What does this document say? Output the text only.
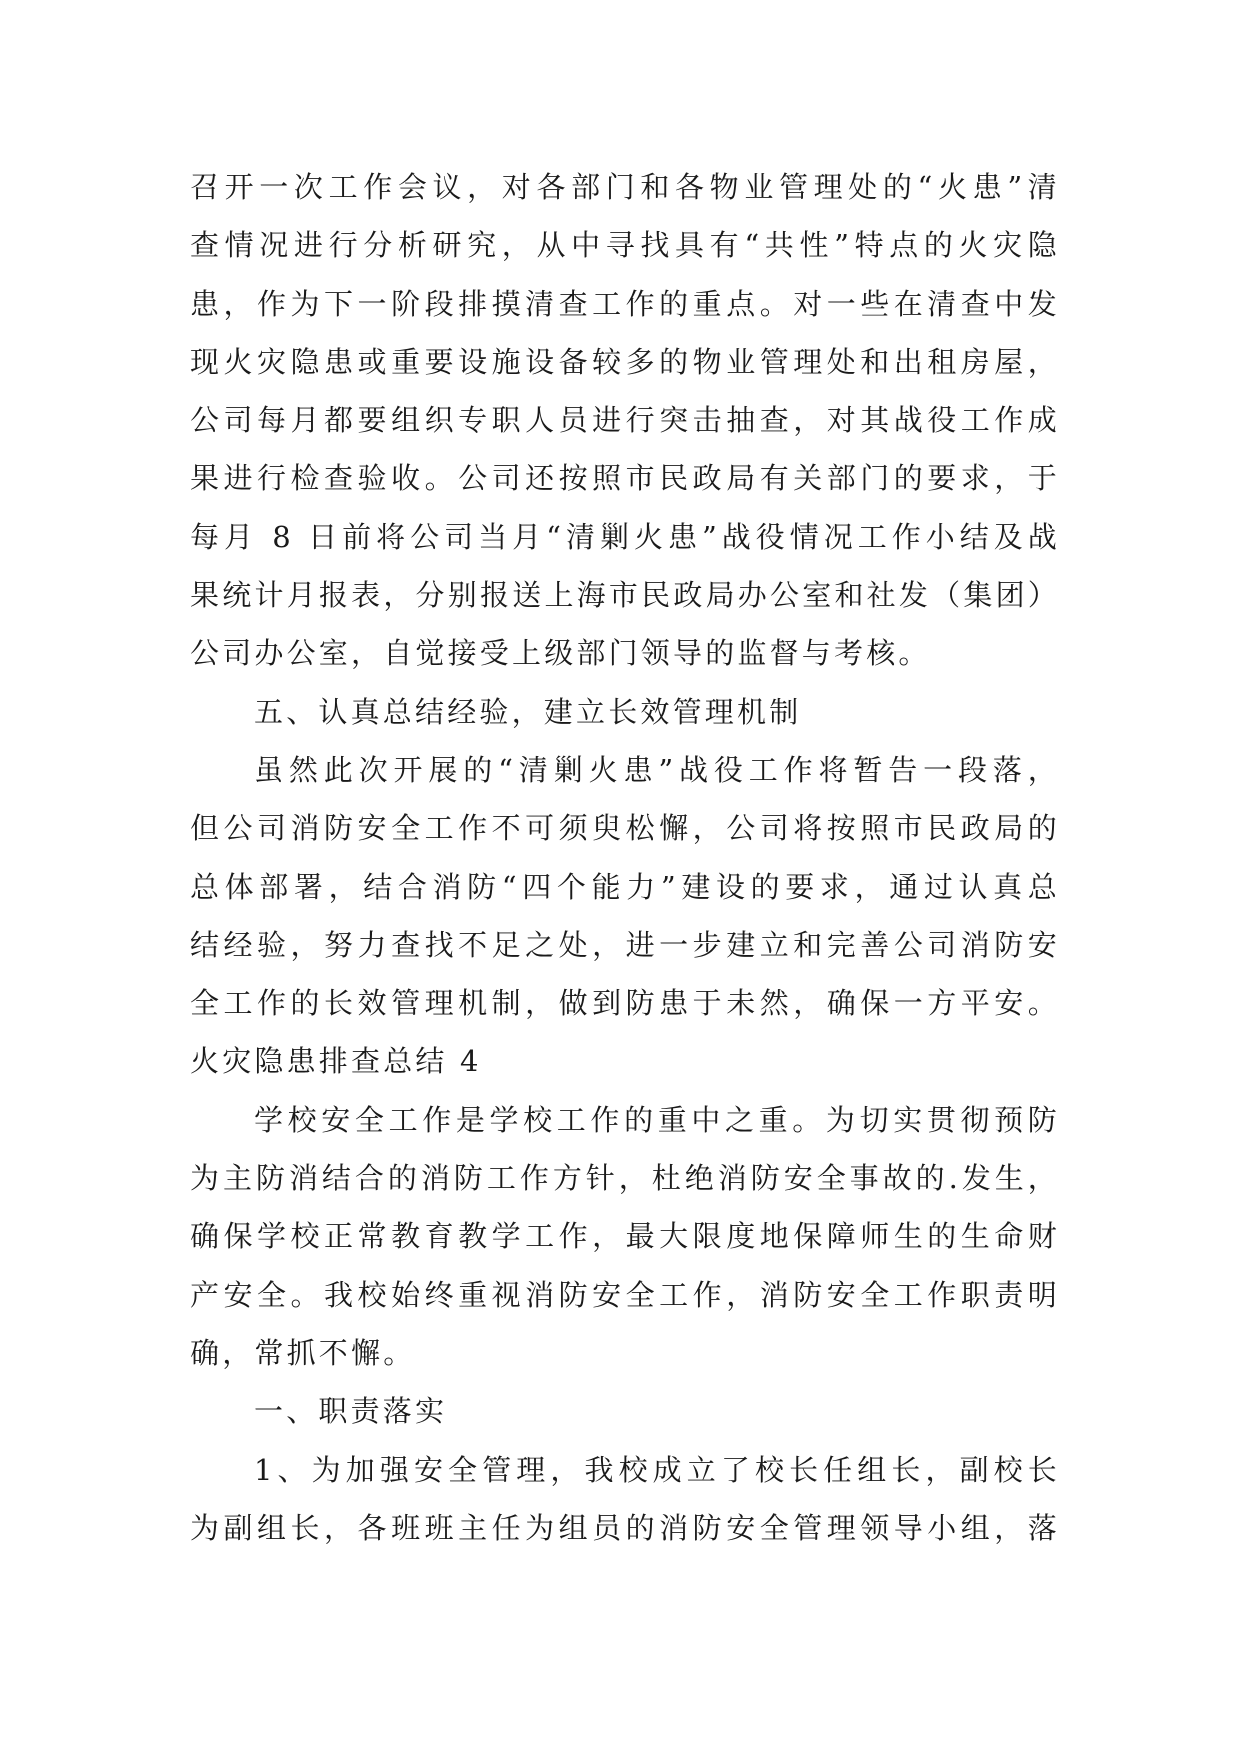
召开一次工作会议，对各部门和各物业管理处的“火患”清
查情况进行分析研究，从中寻找具有“共性”特点的火灾隐
患，作为下一阶段排摸清查工作的重点。对一些在清查中发
现火灾隐患或重要设施设备较多的物业管理处和出租房屋，
公司每月都要组织专职人员进行突击抽查，对其战役工作成
果进行检查验收。公司还按照市民政局有关部门的要求，于
每月 8 日前将公司当月“清剿火患”战役情况工作小结及战
果统计月报表，分别报送上海市民政局办公室和社发（集团）
公司办公室，自觉接受上级部门领导的监督与考核。
五、认真总结经验，建立长效管理机制
虽然此次开展的“清剿火患”战役工作将暂告一段落，
但公司消防安全工作不可须臾松懈，公司将按照市民政局的
总体部署，结合消防“四个能力”建设的要求，通过认真总
结经验，努力查找不足之处，进一步建立和完善公司消防安
全工作的长效管理机制，做到防患于未然，确保一方平安。
火灾隐患排查总结 4
学校安全工作是学校工作的重中之重。为切实贯彻预防
为主防消结合的消防工作方针，杜绝消防安全事故的.发生，
确保学校正常教育教学工作，最大限度地保障师生的生命财
产安全。我校始终重视消防安全工作，消防安全工作职责明
确，常抓不懈。
一、职责落实
1、为加强安全管理，我校成立了校长任组长，副校长
为副组长，各班班主任为组员的消防安全管理领导小组，落
